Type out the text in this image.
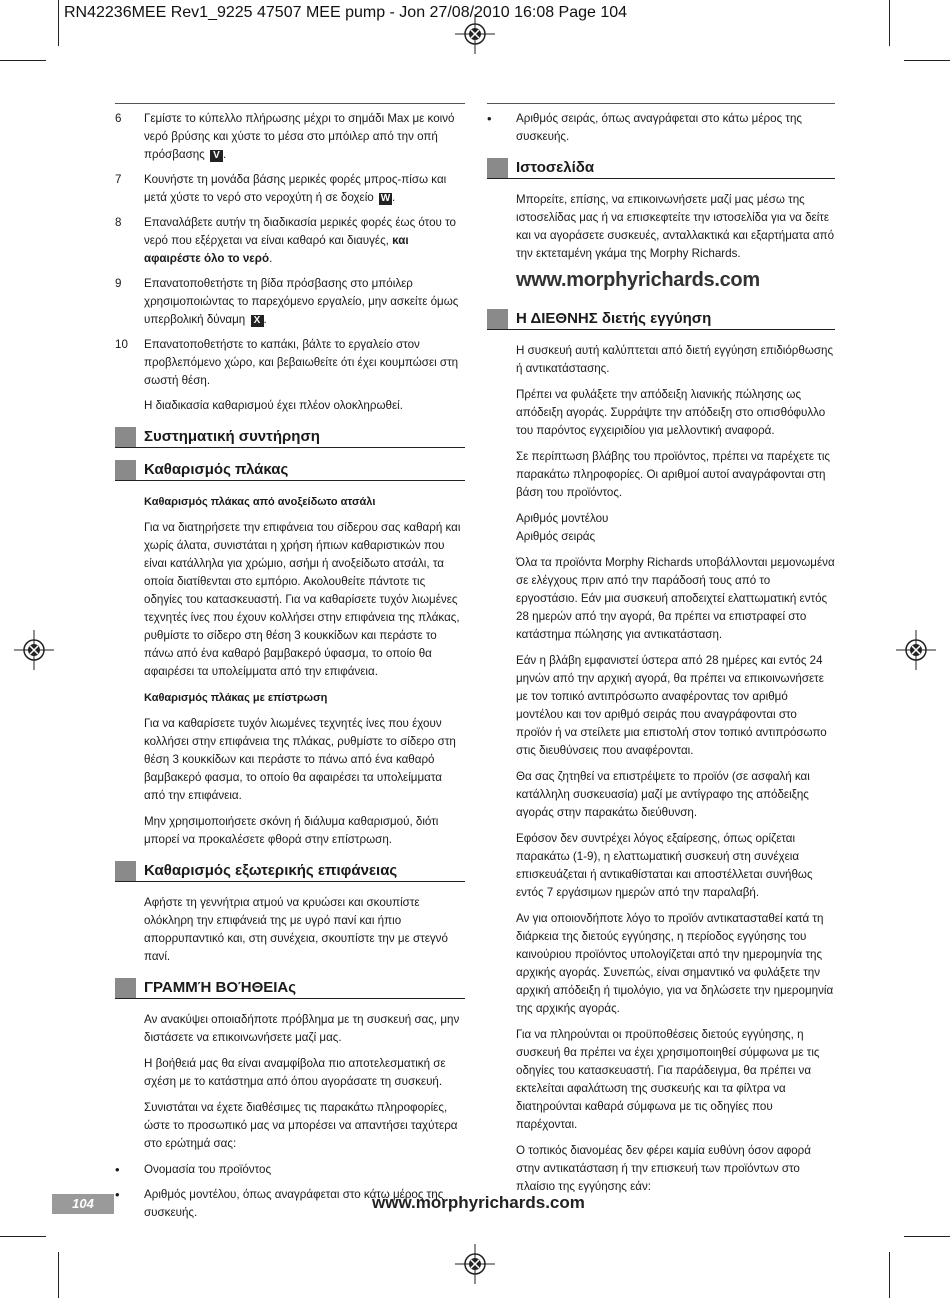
RN42236MEE Rev1_9225 47507 MEE pump - Jon 27/08/2010 16:08 Page 104
6	Γεμίστε το κύπελλο πλήρωσης μέχρι το σημάδι Max με κοινό νερό βρύσης και χύστε το μέσα στο μπόιλερ από την οπή πρόσβασης V .
7	Κουνήστε τη μονάδα βάσης μερικές φορές μπρος-πίσω και μετά χύστε το νερό στο νεροχύτη ή σε δοχείο W .
8	Επαναλάβετε αυτήν τη διαδικασία μερικές φορές έως ότου το νερό που εξέρχεται να είναι καθαρό και διαυγές, και αφαιρέστε όλο το νερό.
9	Επανατοποθετήστε τη βίδα πρόσβασης στο μπόιλερ χρησιμοποιώντας το παρεχόμενο εργαλείο, μην ασκείτε όμως υπερβολική δύναμη X .
10	Επανατοποθετήστε το καπάκι, βάλτε το εργαλείο στον προβλεπόμενο χώρο, και βεβαιωθείτε ότι έχει κουμπώσει στη σωστή θέση.

Η διαδικασία καθαρισμού έχει πλέον ολοκληρωθεί.

Συστηματική συντήρηση
Καθαρισμός πλάκας
Καθαρισμός πλάκας από ανοξείδωτο ατσάλι

Για να διατηρήσετε την επιφάνεια του σίδερου σας καθαρή και χωρίς άλατα, συνιστάται η χρήση ήπιων καθαριστικών που είναι κατάλληλα για χρώμιο, ασήμι ή ανοξείδωτο ατσάλι, τα οποία διατίθενται στο εμπόριο. Ακολουθείτε πάντοτε τις οδηγίες του κατασκευαστή. Για να καθαρίσετε τυχόν λιωμένες τεχνητές ίνες που έχουν κολλήσει στην επιφάνεια της πλάκας, ρυθμίστε το σίδερο στη θέση 3 κουκκίδων και περάστε το πάνω από ένα καθαρό βαμβακερό ύφασμα, το οποίο θα αφαιρέσει τα υπολείμματα από την επιφάνεια.

Καθαρισμός πλάκας με επίστρωση

Για να καθαρίσετε τυχόν λιωμένες τεχνητές ίνες που έχουν κολλήσει στην επιφάνεια της πλάκας, ρυθμίστε το σίδερο στη θέση 3 κουκκίδων και περάστε το πάνω από ένα καθαρό βαμβακερό φασμα, το οποίο θα αφαιρέσει τα υπολείμματα από την επιφάνεια.

Μην χρησιμοποιήσετε σκόνη ή διάλυμα καθαρισμού, διότι μπορεί να προκαλέσετε φθορά στην επίστρωση.

Καθαρισμός εξωτερικής επιφάνειας

Αφήστε τη γεννήτρια ατμού να κρυώσει και σκουπίστε ολόκληρη την επιφάνειά της με υγρό πανί και ήπιο απορρυπαντικό και, στη συνέχεια, σκουπίστε την με στεγνό πανί.

ΓΡΑΜΜΉ ΒΟΉΘΕΙΑς

Αν ανακύψει οποιαδήποτε πρόβλημα με τη συσκευή σας, μην διστάσετε να επικοινωνήσετε μαζί μας.

Η βοήθειά μας θα είναι αναμφίβολα πιο αποτελεσματική σε σχέση με το κατάστημα από όπου αγοράσατε τη συσκευή.

Συνιστάται να έχετε διαθέσιμες τις παρακάτω πληροφορίες, ώστε το προσωπικό μας να μπορέσει να απαντήσει ταχύτερα στο ερώτημά σας:

•	Ονομασία του προϊόντος
•	Αριθμός μοντέλου, όπως αναγράφεται στο κάτω μέρος της συσκευής.
•	Αριθμός σειράς, όπως αναγράφεται στο κάτω μέρος της συσκευής.
Ιστοσελίδα

Μπορείτε, επίσης, να επικοινωνήσετε μαζί μας μέσω της ιστοσελίδας μας ή να επισκεφτείτε την ιστοσελίδα για να δείτε και να αγοράσετε συσκευές, ανταλλακτικά και εξαρτήματα από την εκτεταμένη γκάμα της Morphy Richards.

www.morphyrichards.com
Η ΔΙΕΘΝΗΣ διετής εγγύηση

Η συσκευή αυτή καλύπτεται από διετή εγγύηση επιδιόρθωσης ή αντικατάστασης.

Πρέπει να φυλάξετε την απόδειξη λιανικής πώλησης ως απόδειξη αγοράς. Συρράψτε την απόδειξη στο οπισθόφυλλο του παρόντος εγχειριδίου για μελλοντική αναφορά.

Σε περίπτωση βλάβης του προϊόντος, πρέπει να παρέχετε τις παρακάτω πληροφορίες. Οι αριθμοί αυτοί αναγράφονται στη βάση του προϊόντος.

Αριθμός μοντέλου

Αριθμός σειράς

Όλα τα προϊόντα Morphy Richards υποβάλλονται μεμονωμένα σε ελέγχους πριν από την παράδοσή τους από το εργοστάσιο. Εάν μια συσκευή αποδειχτεί ελαττωματική εντός 28 ημερών από την αγορά, θα πρέπει να επιστραφεί στο κατάστημα πώλησης για αντικατάσταση.

Εάν η βλάβη εμφανιστεί ύστερα από 28 ημέρες και εντός 24 μηνών από την αρχική αγορά, θα πρέπει να επικοινωνήσετε με τον τοπικό αντιπρόσωπο αναφέροντας τον αριθμό μοντέλου και τον αριθμό σειράς που αναγράφονται στο προϊόν ή να στείλετε μια επιστολή στον τοπικό αντιπρόσωπο στις διευθύνσεις που αναφέρονται.

Θα σας ζητηθεί να επιστρέψετε το προϊόν (σε ασφαλή και κατάλληλη συσκευασία) μαζί με αντίγραφο της απόδειξης αγοράς στην παρακάτω διεύθυνση.

Εφόσον δεν συντρέχει λόγος εξαίρεσης, όπως ορίζεται παρακάτω (1-9), η ελαττωματική συσκευή στη συνέχεια επισκευάζεται ή αντικαθίσταται και αποστέλλεται συνήθως εντός 7 εργάσιμων ημερών από την παραλαβή.

Αν για οποιονδήποτε λόγο το προϊόν αντικατασταθεί κατά τη διάρκεια της διετούς εγγύησης, η περίοδος εγγύησης του καινούριου προϊόντος υπολογίζεται από την ημερομηνία της αρχικής αγοράς. Συνεπώς, είναι σημαντικό να φυλάξετε την αρχική απόδειξη ή τιμολόγιο, για να δηλώσετε την ημερομηνία της αρχικής αγοράς.

Για να πληρούνται οι προϋποθέσεις διετούς εγγύησης, η συσκευή θα πρέπει να έχει χρησιμοποιηθεί σύμφωνα με τις οδηγίες του κατασκευαστή. Για παράδειγμα, θα πρέπει να εκτελείται αφαλάτωση της συσκευής και τα φίλτρα να διατηρούνται καθαρά σύμφωνα με τις οδηγίες που παρέχονται.

Ο τοπικός διανομέας δεν φέρει καμία ευθύνη όσον αφορά στην αντικατάσταση ή την επισκευή των προϊόντων στο πλαίσιο της εγγύησης εάν:

104	www.morphyrichards.com
